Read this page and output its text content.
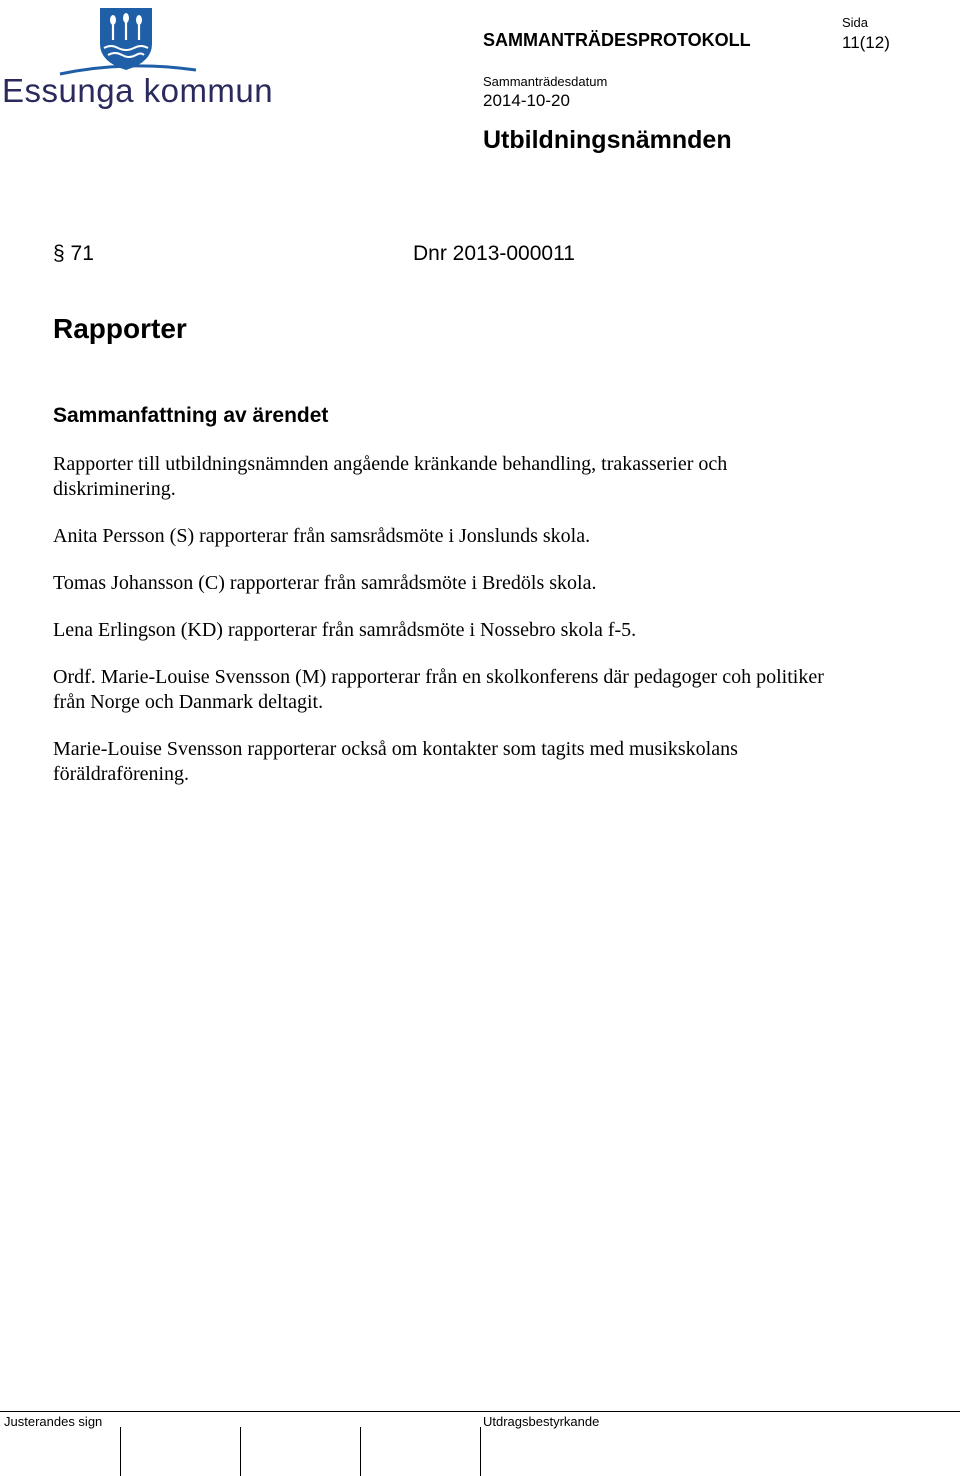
Essunga kommun
SAMMANTRÄDESPROTOKOLL
Sida
11(12)
Sammanträdesdatum
2014-10-20
Utbildningsnämnden
§ 71	Dnr 2013-000011
Rapporter
Sammanfattning av ärendet

Rapporter till utbildningsnämnden angående kränkande behandling, trakasserier och diskriminering.

Anita Persson (S) rapporterar från samsrådsmöte i Jonslunds skola.

Tomas Johansson (C) rapporterar från samrådsmöte i Bredöls skola.

Lena Erlingson (KD) rapporterar från samrådsmöte i Nossebro skola f-5.

Ordf. Marie-Louise Svensson (M) rapporterar från en skolkonferens där pedagoger coh politiker från Norge och Danmark deltagit.

Marie-Louise Svensson rapporterar också om kontakter som tagits med musikskolans föräldraförening.

Justerandes sign	Utdragsbestyrkande
